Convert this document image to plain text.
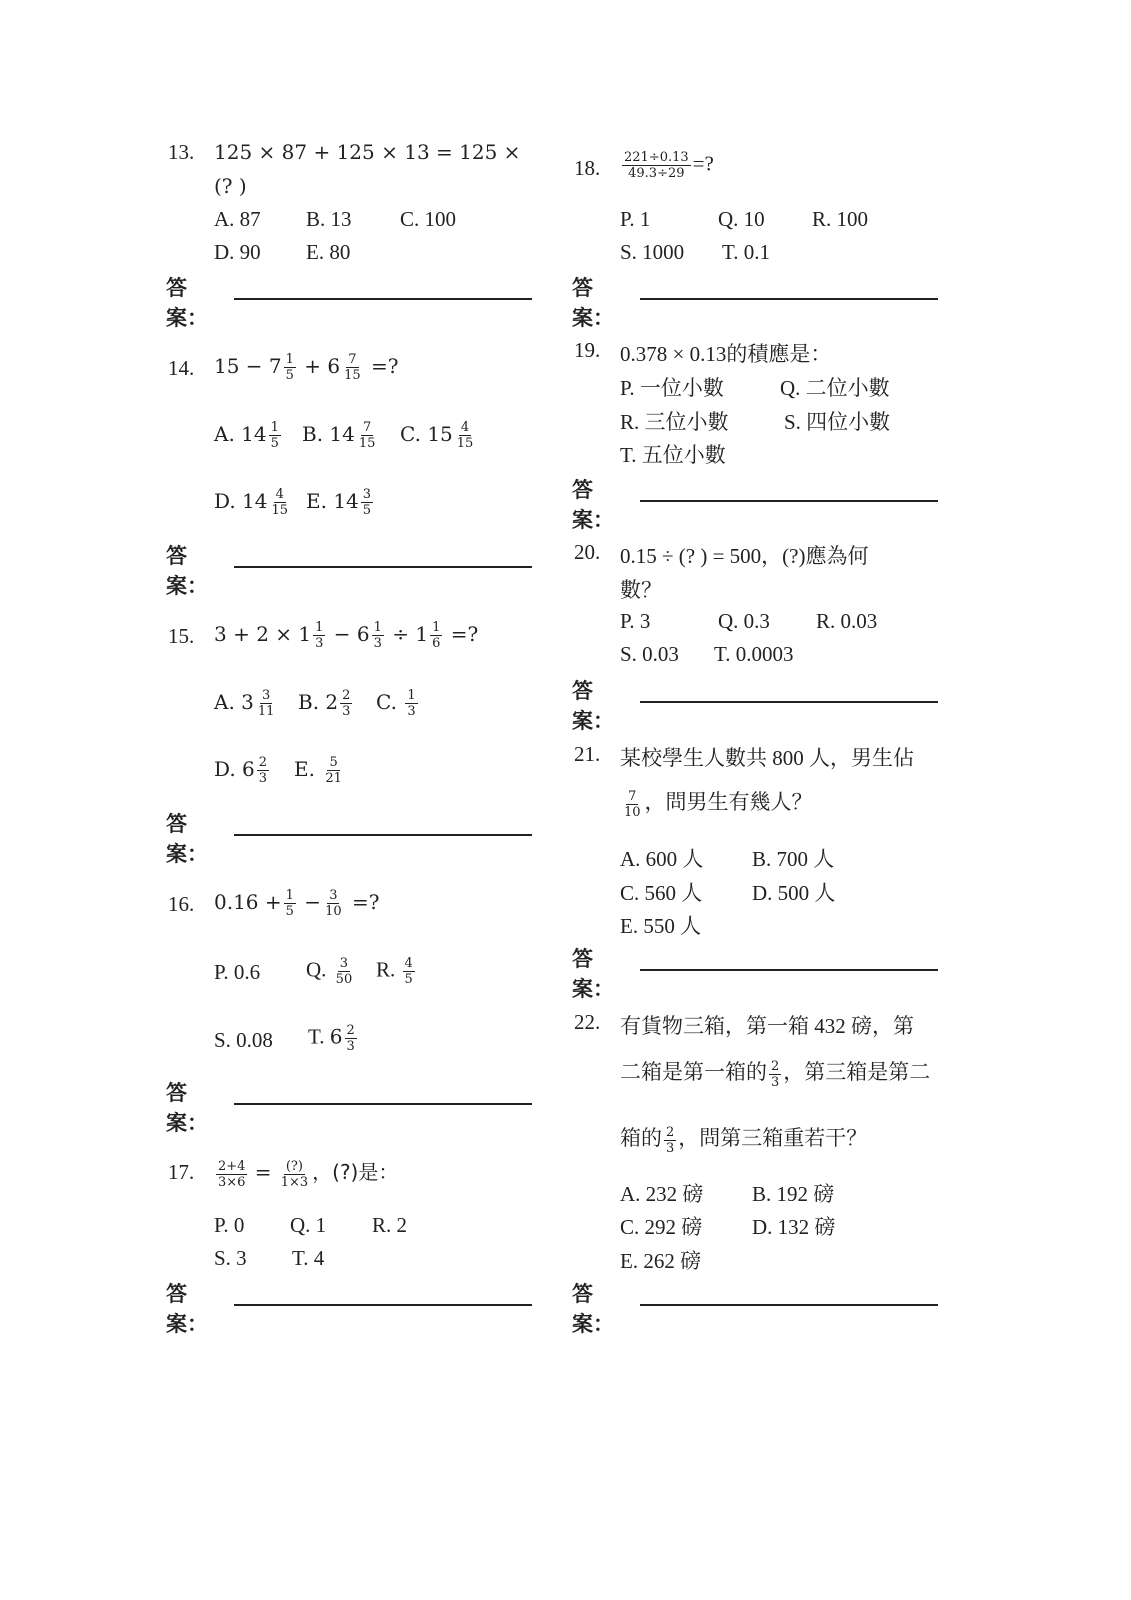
13. 125 × 87 + 125 × 13 = 125 ×
(? )
A. 87 B. 13 C. 100
D. 90 E. 80
答案：
14. $15 - 7 \frac{1}{5} + 6 \frac{7}{15}$ =?
A. $14 \frac{1}{5} B$. $14 \frac{7}{15} C$. $15 \frac{4}{15}$
D. $14 \frac{4}{15} E$. $14 \frac{3}{5}$
答案：
15. $3 + 2 \times 1 \frac{1}{3} - 6 \frac{1}{3} \div 1 \frac{1}{6}$ =?
A. $3 \frac{3}{11} B$. $2 \frac{2}{3} C$. $\frac{1}{3}$
D. $6 \frac{2}{3} E$. $\frac{5}{21}$
答案：
16. $0.16 + \frac{1}{5} - \frac{3}{10}$ =?
P. 0.6 Q. $\frac{3}{50} R$. $\frac{4}{5}$
S. 0.08 T. $6 \frac{2}{3}$
答案：
17. $\frac{2+4}{3\times 6} = \frac{(?)}{1\times 3}$ ，(?)是：
P. 0 Q. 1 R. 2
S. 3 T. 4
答案：
18. $\frac{221\div 0.13}{49.3\div 29}$ =?
P. 1	Q. 10 R. 100
S. 1000 T. 0.1
答案：
19. 0.378 × 0.13的積應是：
P. 一位小數	Q. 二位小數
R. 三位小數	S. 四位小數
T. 五位小數
答案：
20. 0.15 ÷ (? ) = 500，(?)應為何
數？
P. 3	Q. 0.3 R. 0.03
S. 0.03 T. 0.0003
答案：
21. 某校學生人數共 800 人，男生佔
$\frac{7}{10}$ ，問男生有幾人？
A. 600 人 B. 700 人
C. 560 人 D. 500 人
E. 550 人
答案：
22. 有貨物三箱，第一箱 432 磅，第
二箱是第一箱的 $\frac{2}{3}$ ，第三箱是第二
箱的 $\frac{2}{3}$ ，問第三箱重若干？
A. 232 磅 B. 192 磅
C. 292 磅 D. 132 磅
E. 262 磅
答案：
